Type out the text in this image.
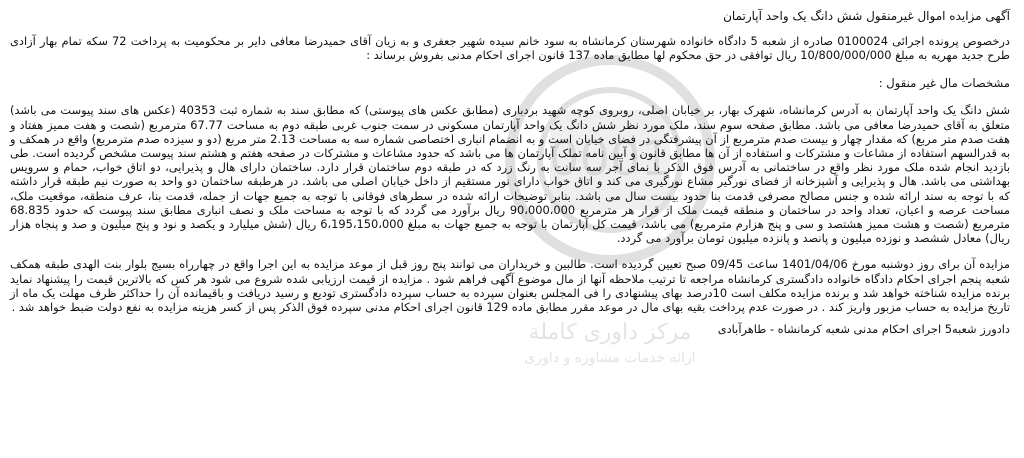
0001
مرکز داوری کاملة
ارائه خدمات مشاوره و داوری
آگهی مزایده اموال غیرمنقول شش دانگ یک واحد آپارتمان

درخصوص پرونده اجرائی 0100024 صادره از شعبه 5 دادگاه خانواده شهرستان کرمانشاه به سود خانم سیده شهیر جعفری و به زیان آقای حمیدرضا معافی دایر بر محکومیت به پرداخت 72 سکه تمام بهار آزادی طرح جدید مهریه به مبلغ 10/800/000/000 ریال توافقی در حق محکوم لها مطابق ماده 137 قانون اجرای احکام مدنی بفروش برساند :

مشخصات مال غیر منقول :

شش دانگ یک واحد آپارتمان به آدرس کرمانشاه، شهرک بهار، بر خیابان اصلی، روبروی کوچه شهید بردباری (مطابق عکس های پیوستی) که مطابق سند به شماره ثبت 40353 (عکس های سند پیوست می باشد) متعلق به آقای حمیدرضا معافی می باشد. مطابق صفحه سوم سند، ملک مورد نظر شش دانگ یک واحد آپارتمان مسکونی در سمت جنوب غربی طبقه دوم به مساحت 67.77 مترمربع (شصت و هفت ممیز هفتاد و هفت صدم متر مربع) که مقدار چهار و بیست صدم مترمربع از آن پیشرفتگی در فضای خیابان است و به انضمام انباری اختصاصی شماره سه به مساحت 2.13 متر مربع (دو و سیزده صدم مترمربع) واقع در همکف و به قدرالسهم استفاده از مشاعات و مشترکات و استفاده از آن ها مطابق قانون و آیین نامه تملک آپارتمان ها می باشد که حدود مشاعات و مشترکات در صفحه هفتم و هشتم سند پیوست مشخص گردیده است. طی بازدید انجام شده ملک مورد نظر واقع در ساختمانی به آدرس فوق الذکر با نمای آجر سه سانت به رنگ زرد که در طبقه دوم ساختمان قرار دارد. ساختمان دارای هال و پذیرایی، دو اتاق خواب، حمام و سرویس بهداشتی می باشد. هال و پذیرایی و آشپزخانه از فضای نورگیر مشاع نورگیری می کند و اتاق خواب دارای نور مستقیم از داخل خیابان اصلی می باشد. در هرطبقه ساختمان دو واحد به صورت نیم طبقه قرار داشته که با توجه به سند ارائه شده و جنس مصالح مصرفی قدمت بنا حدود بیست سال می باشد. بنابر توضیحات ارائه شده در سطرهای فوقانی با توجه به جمیع جهات از جمله، قدمت بنا، عرف منطقه، موقعیت ملک، مساحت عرصه و اعیان، تعداد واحد در ساختمان و منطقه قیمت ملک از قرار هر مترمربع 90،000،000 ریال برآورد می گردد که با توجه به مساحت ملک و نصف انباری مطابق سند پیوست که حدود 68.835 مترمربع (شصت و هشت ممیز هشتصد و سی و پنج هزارم مترمربع) می باشد، قیمت کل آپارتمان با توجه به جمیع جهات به مبلغ 6،195،150،000 ریال (شش میلیارد و یکصد و نود و پنج میلیون و صد و پنجاه هزار ریال) معادل ششصد و نوزده میلیون و پانصد و پانزده میلیون تومان برآورد می گردد.

مزایده آن برای روز دوشنبه مورخ 1401/04/06 ساعت 09/45 صبح تعیین گردیده است. طالبین و خریداران می توانند پنج روز قبل از موعد مزایده به این اجرا واقع در چهارراه بسیج بلوار بنت الهدی طبقه همکف شعبه پنجم اجرای احکام دادگاه خانواده دادگستری کرمانشاه مراجعه تا ترتیب ملاحظه آنها از مال موضوع آگهی فراهم شود . مزایده از قیمت ارزیابی شده شروع می شود هر کس که بالاترین قیمت را پیشنهاد نماید برنده مزایده شناخته خواهد شد و برنده مزایده مکلف است 10درصد بهای پیشنهادی را فی المجلس بعنوان سپرده به حساب سپرده دادگستری تودیع و رسید دریافت و باقیمانده آن را حداکثر ظرف مهلت یک ماه از تاریخ مزایده به حساب مزبور واریز کند . در صورت عدم پرداخت بقیه بهای مال در موعد مقرر مطابق ماده 129 قانون اجرای احکام مدنی سپرده فوق الذکر پس از کسر هزینه مزایده به نفع دولت ضبط خواهد شد .

دادورز شعبه5 اجرای احکام مدنی شعبه کرمانشاه - طاهرآبادی
